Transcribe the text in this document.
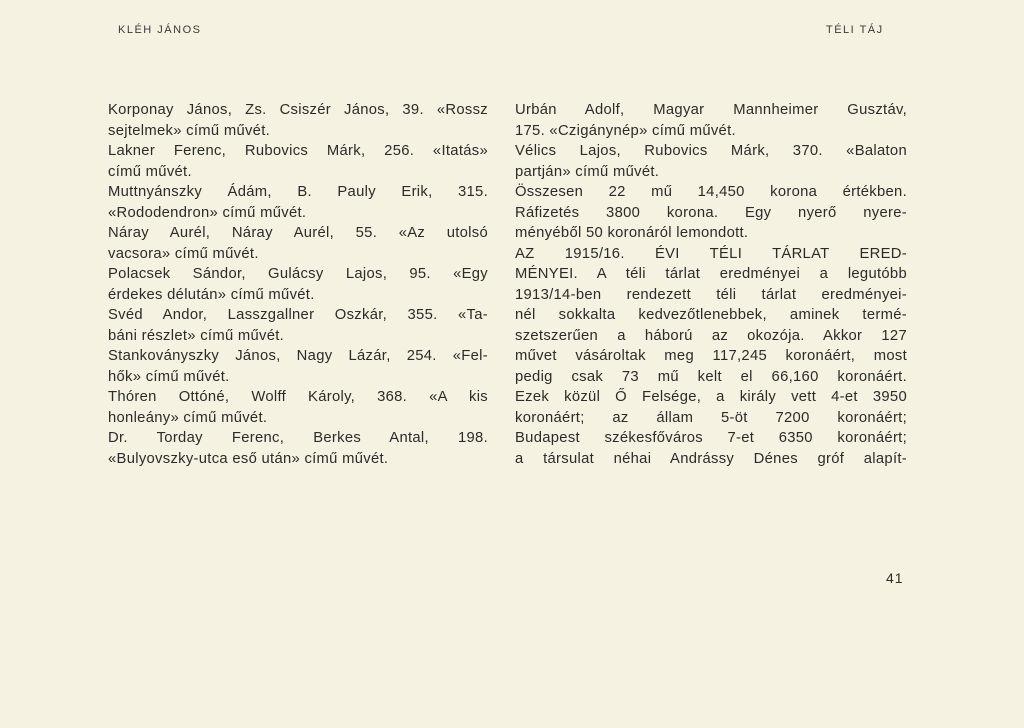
KLÉH JÁNOS	TÉLI TÁJ
Korponay János, Zs. Csiszér János, 39. «Rossz
sejtelmek» című művét.
Lakner Ferenc, Rubovics Márk, 256. «Itatás»
című művét.
Muttnyánszky Ádám, B. Pauly Erik, 315.
«Rododendron» című művét.
Náray Aurél, Náray Aurél, 55. «Az utolsó
vacsora» című művét.
Polacsek Sándor, Gulácsy Lajos, 95. «Egy
érdekes délután» című művét.
Svéd Andor, Lasszgallner Oszkár, 355. «Ta-
báni részlet» című művét.
Stankoványszky János, Nagy Lázár, 254. «Fel-
hők» című művét.
Thóren Ottóné, Wolff Károly, 368. «A kis
honleány» című művét.
Dr. Torday Ferenc, Berkes Antal, 198.
«Bulyovszky-utca eső után» című művét.
Urbán Adolf, Magyar Mannheimer Gusztáv,
175. «Czigánynép» című művét.
Vélics Lajos, Rubovics Márk, 370. «Balaton
partján» című művét.
Összesen 22 mű 14,450 korona értékben.
Ráfizetés 3800 korona. Egy nyerő nyere-
ményéből 50 koronáról lemondott.
AZ 1915/16. ÉVI TÉLI TÁRLAT ERED-
MÉNYEI. A téli tárlat eredményei a legutóbb
1913/14-ben rendezett téli tárlat eredményei-
nél sokkalta kedvezőtlenebbek, aminek termé-
szetszerűen a háború az okozója. Akkor 127
művet vásároltak meg 117,245 koronáért, most
pedig csak 73 mű kelt el 66,160 koronáért.
Ezek közül Ő Felsége, a király vett 4-et 3950
koronáért; az állam 5-öt 7200 koronáért;
Budapest székesfőváros 7-et 6350 koronáért;
a társulat néhai Andrássy Dénes gróf alapít-
41
